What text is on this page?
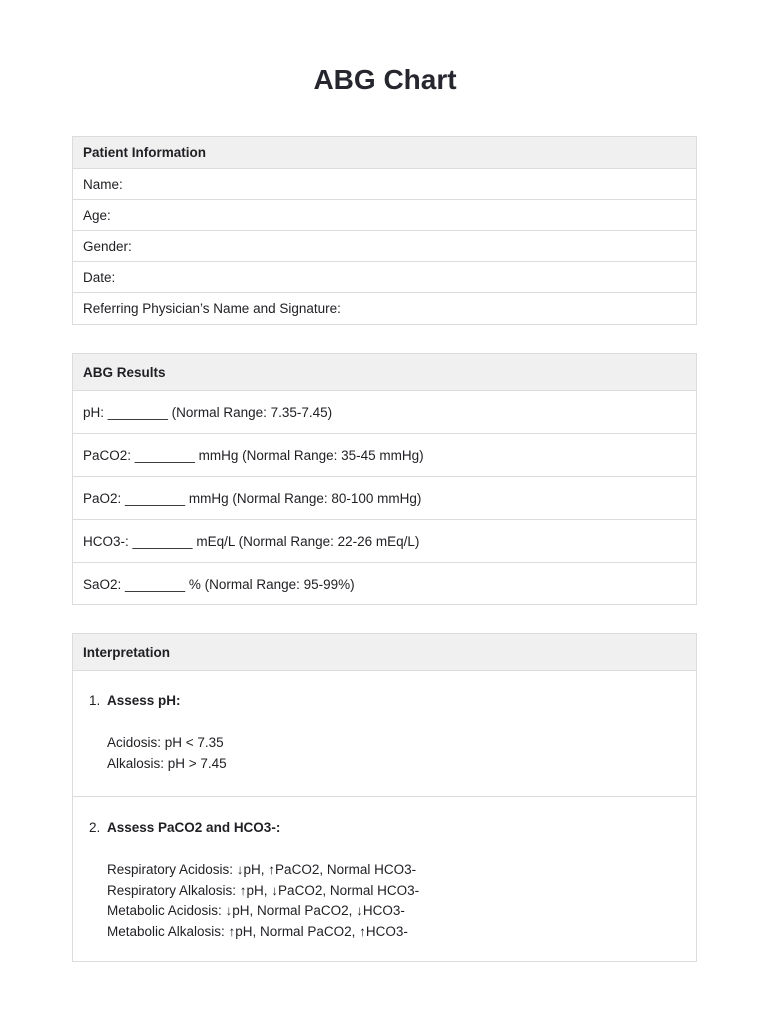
ABG Chart
Patient Information
Name:
Age:
Gender:
Date:
Referring Physician’s Name and Signature:
ABG Results
pH: ________ (Normal Range: 7.35-7.45)
PaCO2: ________ mmHg (Normal Range: 35-45 mmHg)
PaO2: ________ mmHg (Normal Range: 80-100 mmHg)
HCO3-: ________ mEq/L (Normal Range: 22-26 mEq/L)
SaO2: ________ % (Normal Range: 95-99%)
Interpretation
1. Assess pH:
Acidosis: pH < 7.35
Alkalosis: pH > 7.45
2. Assess PaCO2 and HCO3-:
Respiratory Acidosis: ↓pH, ↑PaCO2, Normal HCO3-
Respiratory Alkalosis: ↑pH, ↓PaCO2, Normal HCO3-
Metabolic Acidosis: ↓pH, Normal PaCO2, ↓HCO3-
Metabolic Alkalosis: ↑pH, Normal PaCO2, ↑HCO3-
